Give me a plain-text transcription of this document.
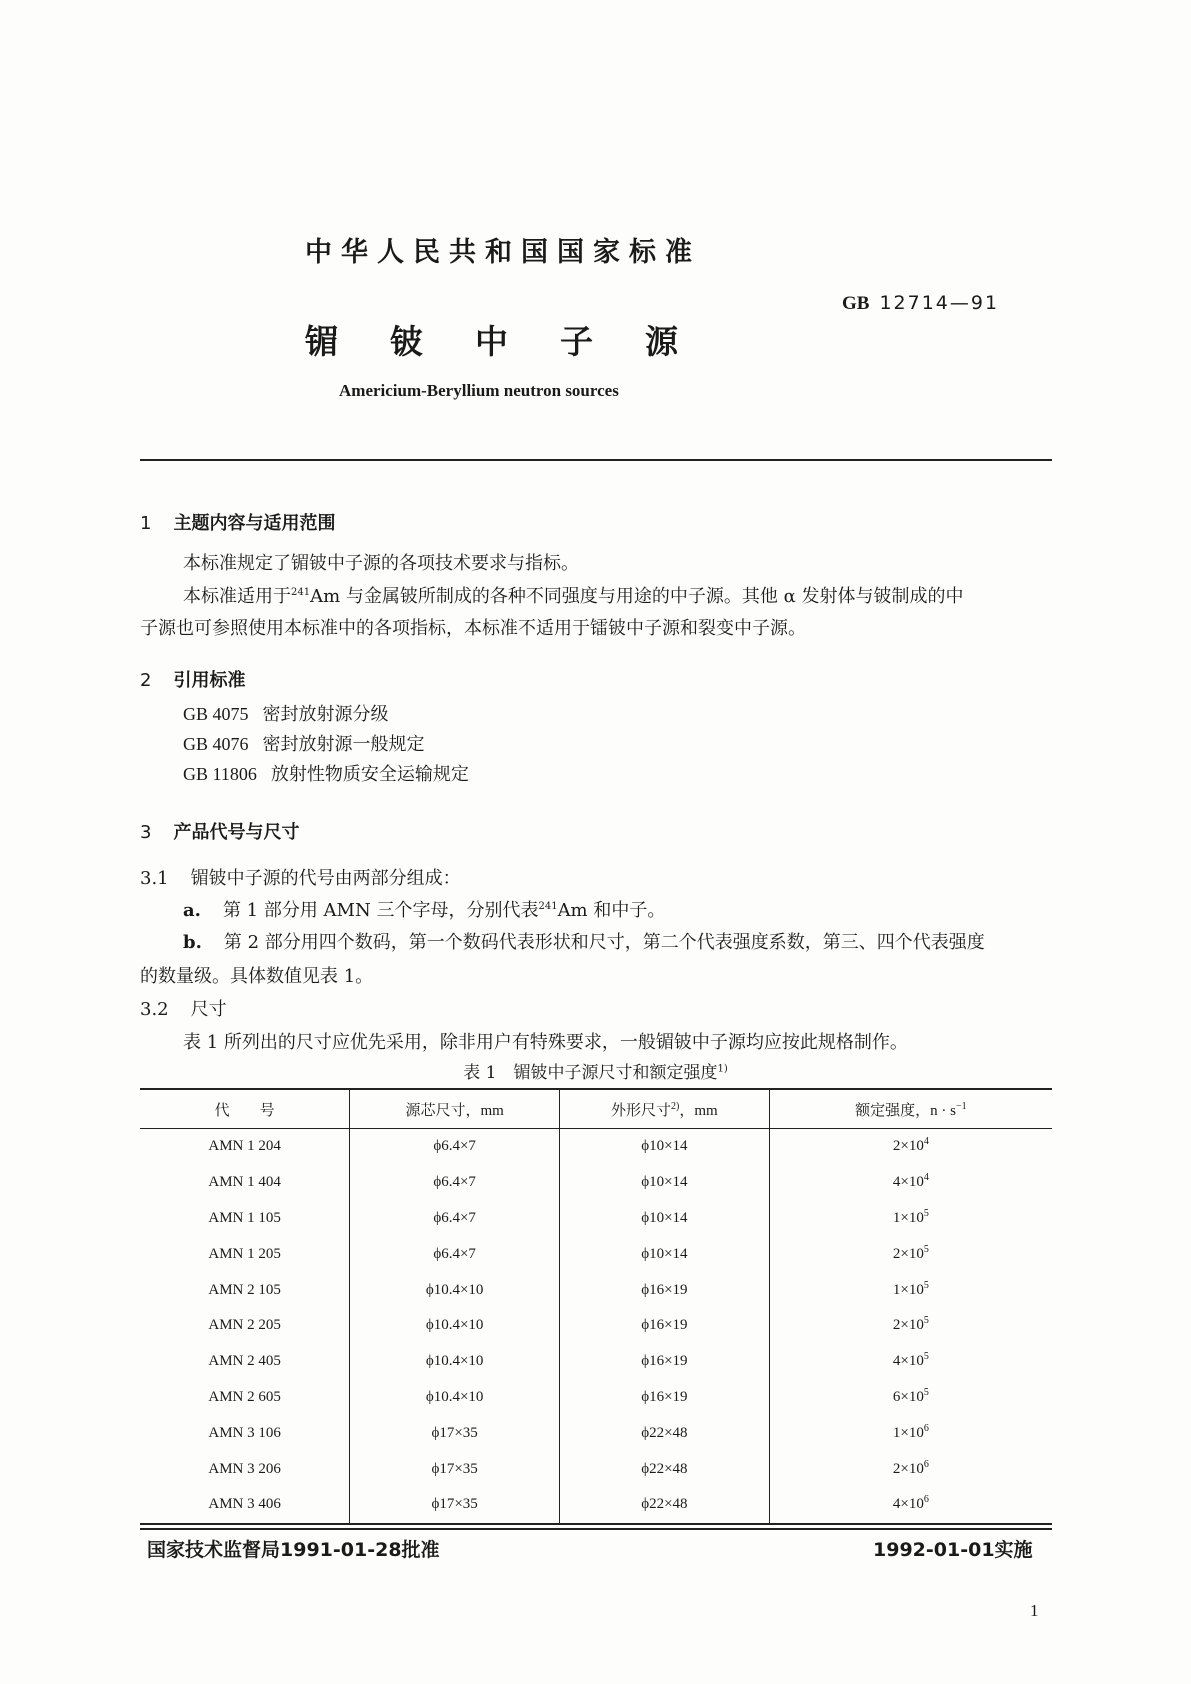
中华人民共和国国家标准
GB 12714—91
镅 铍 中 子 源
Americium-Beryllium neutron sources
1 主题内容与适用范围
本标准规定了镅铍中子源的各项技术要求与指标。
本标准适用于$^{241}$Am 与金属铍所制成的各种不同强度与用途的中子源。其他 α 发射体与铍制成的中
子源也可参照使用本标准中的各项指标，本标准不适用于镭铍中子源和裂变中子源。
2 引用标准
GB 4075 密封放射源分级
GB 4076 密封放射源一般规定
GB 11806 放射性物质安全运输规定
3 产品代号与尺寸
3.1 镅铍中子源的代号由两部分组成：
a. 第 1 部分用 AMN 三个字母，分别代表$^{241}$Am 和中子。
b. 第 2 部分用四个数码，第一个数码代表形状和尺寸，第二个代表强度系数，第三、四个代表强度
的数量级。具体数值见表 1。
3.2 尺寸
表 1 所列出的尺寸应优先采用，除非用户有特殊要求，一般镅铍中子源均应按此规格制作。
表 1　镅铍中子源尺寸和额定强度$^{1)}$
代　　号	源芯尺寸，mm	外形尺寸$^{2)}$，mm	额定强度，$n \cdot s^{-1}$
AMN 1 204	ϕ6.4×7	ϕ10×14	$2\times 10^4$
AMN 1 404	ϕ6.4×7	ϕ10×14	$4\times 10^4$
AMN 1 105	ϕ6.4×7	ϕ10×14	$1\times 10^5$
AMN 1 205	ϕ6.4×7	ϕ10×14	$2\times 10^5$
AMN 2 105	ϕ10.4×10	ϕ16×19	$1\times 10^5$
AMN 2 205	ϕ10.4×10	ϕ16×19	$2\times 10^5$
AMN 2 405	ϕ10.4×10	ϕ16×19	$4\times 10^5$
AMN 2 605	ϕ10.4×10	ϕ16×19	$6\times 10^5$
AMN 3 106	ϕ17×35	ϕ22×48	$1\times 10^6$
AMN 3 206	ϕ17×35	ϕ22×48	$2\times 10^6$
AMN 3 406	ϕ17×35	ϕ22×48	$4\times 10^6$
国家技术监督局1991-01-28批准	1992-01-01实施
1
